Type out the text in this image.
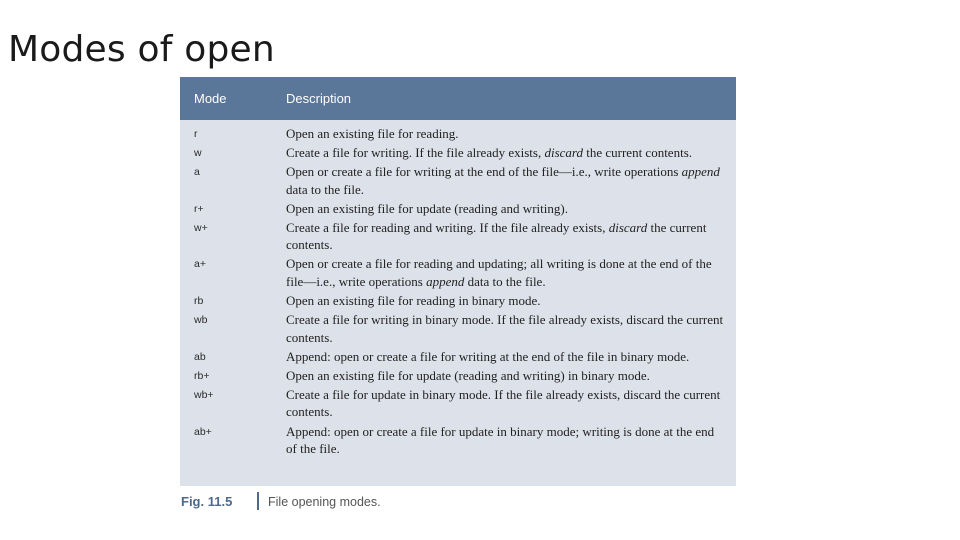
Modes of open
Mode	Description
r	Open an existing file for reading.
w	Create a file for writing. If the file already exists, discard the current contents.
a	Open or create a file for writing at the end of the file—i.e., write operations append data to the file.
r+	Open an existing file for update (reading and writing).
w+	Create a file for reading and writing. If the file already exists, discard the current contents.
a+	Open or create a file for reading and updating; all writing is done at the end of the file—i.e., write operations append data to the file.
rb	Open an existing file for reading in binary mode.
wb	Create a file for writing in binary mode. If the file already exists, discard the current contents.
ab	Append: open or create a file for writing at the end of the file in binary mode.
rb+	Open an existing file for update (reading and writing) in binary mode.
wb+	Create a file for update in binary mode. If the file already exists, discard the current contents.
ab+	Append: open or create a file for update in binary mode; writing is done at the end of the file.
Fig. 11.5	File opening modes.
